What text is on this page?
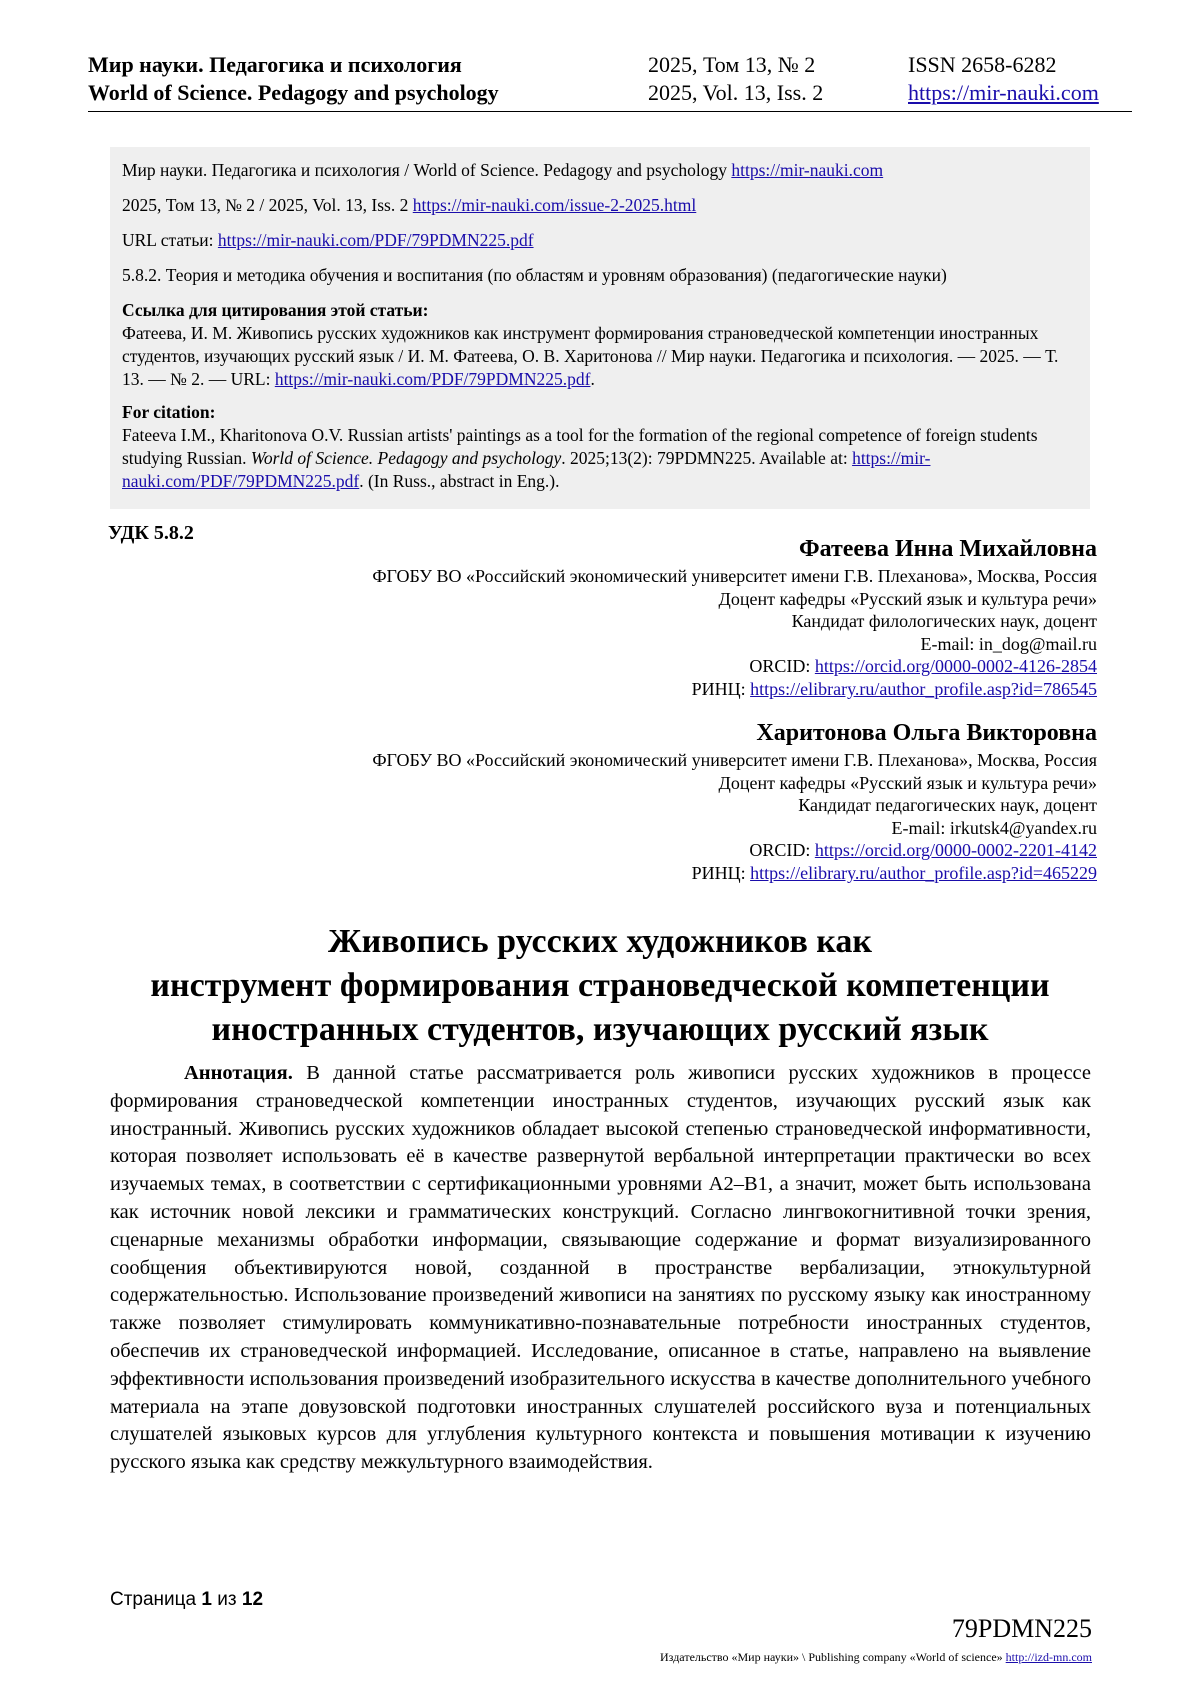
Мир науки. Педагогика и психология	2025, Том 13, № 2	ISSN 2658-6282
World of Science. Pedagogy and psychology	2025, Vol. 13, Iss. 2	https://mir-nauki.com

Мир науки. Педагогика и психология / World of Science. Pedagogy and psychology https://mir-nauki.com

2025, Том 13, № 2 / 2025, Vol. 13, Iss. 2 https://mir-nauki.com/issue-2-2025.html

URL статьи: https://mir-nauki.com/PDF/79PDMN225.pdf

5.8.2. Теория и методика обучения и воспитания (по областям и уровням образования) (педагогические науки)

Ссылка для цитирования этой статьи:
Фатеева, И. М. Живопись русских художников как инструмент формирования страноведческой компетенции иностранных студентов, изучающих русский язык / И. М. Фатеева, О. В. Харитонова // Мир науки. Педагогика и психология. — 2025. — Т. 13. — № 2. — URL: https://mir-nauki.com/PDF/79PDMN225.pdf.
For citation:
Fateeva I.M., Kharitonova O.V. Russian artists' paintings as a tool for the formation of the regional competence of foreign students studying Russian. World of Science. Pedagogy and psychology. 2025;13(2): 79PDMN225. Available at: https://mir-nauki.com/PDF/79PDMN225.pdf. (In Russ., abstract in Eng.).
УДК 5.8.2
Фатеева Инна Михайловна
ФГОБУ ВО «Российский экономический университет имени Г.В. Плеханова», Москва, Россия
Доцент кафедры «Русский язык и культура речи»
Кандидат филологических наук, доцент
E-mail: in_dog@mail.ru
ORCID: https://orcid.org/0000-0002-4126-2854
РИНЦ: https://elibrary.ru/author_profile.asp?id=786545
Харитонова Ольга Викторовна
ФГОБУ ВО «Российский экономический университет имени Г.В. Плеханова», Москва, Россия
Доцент кафедры «Русский язык и культура речи»
Кандидат педагогических наук, доцент
E-mail: irkutsk4@yandex.ru
ORCID: https://orcid.org/0000-0002-2201-4142
РИНЦ: https://elibrary.ru/author_profile.asp?id=465229
Живопись русских художников как
инструмент формирования страноведческой компетенции
иностранных студентов, изучающих русский язык
Аннотация. В данной статье рассматривается роль живописи русских художников в процессе формирования страноведческой компетенции иностранных студентов, изучающих русский язык как иностранный. Живопись русских художников обладает высокой степенью страноведческой информативности, которая позволяет использовать её в качестве развернутой вербальной интерпретации практически во всех изучаемых темах, в соответствии с сертификационными уровнями А2–В1, а значит, может быть использована как источник новой лексики и грамматических конструкций. Согласно лингвокогнитивной точки зрения, сценарные механизмы обработки информации, связывающие содержание и формат визуализированного сообщения объективируются новой, созданной в пространстве вербализации, этнокультурной содержательностью. Использование произведений живописи на занятиях по русскому языку как иностранному также позволяет стимулировать коммуникативно-познавательные потребности иностранных студентов, обеспечив их страноведческой информацией. Исследование, описанное в статье, направлено на выявление эффективности использования произведений изобразительного искусства в качестве дополнительного учебного материала на этапе довузовской подготовки иностранных слушателей российского вуза и потенциальных слушателей языковых курсов для углубления культурного контекста и повышения мотивации к изучению русского языка как средству межкультурного взаимодействия.
Страница 1 из 12
79PDMN225
Издательство «Мир науки» \ Publishing company «World of science» http://izd-mn.com
